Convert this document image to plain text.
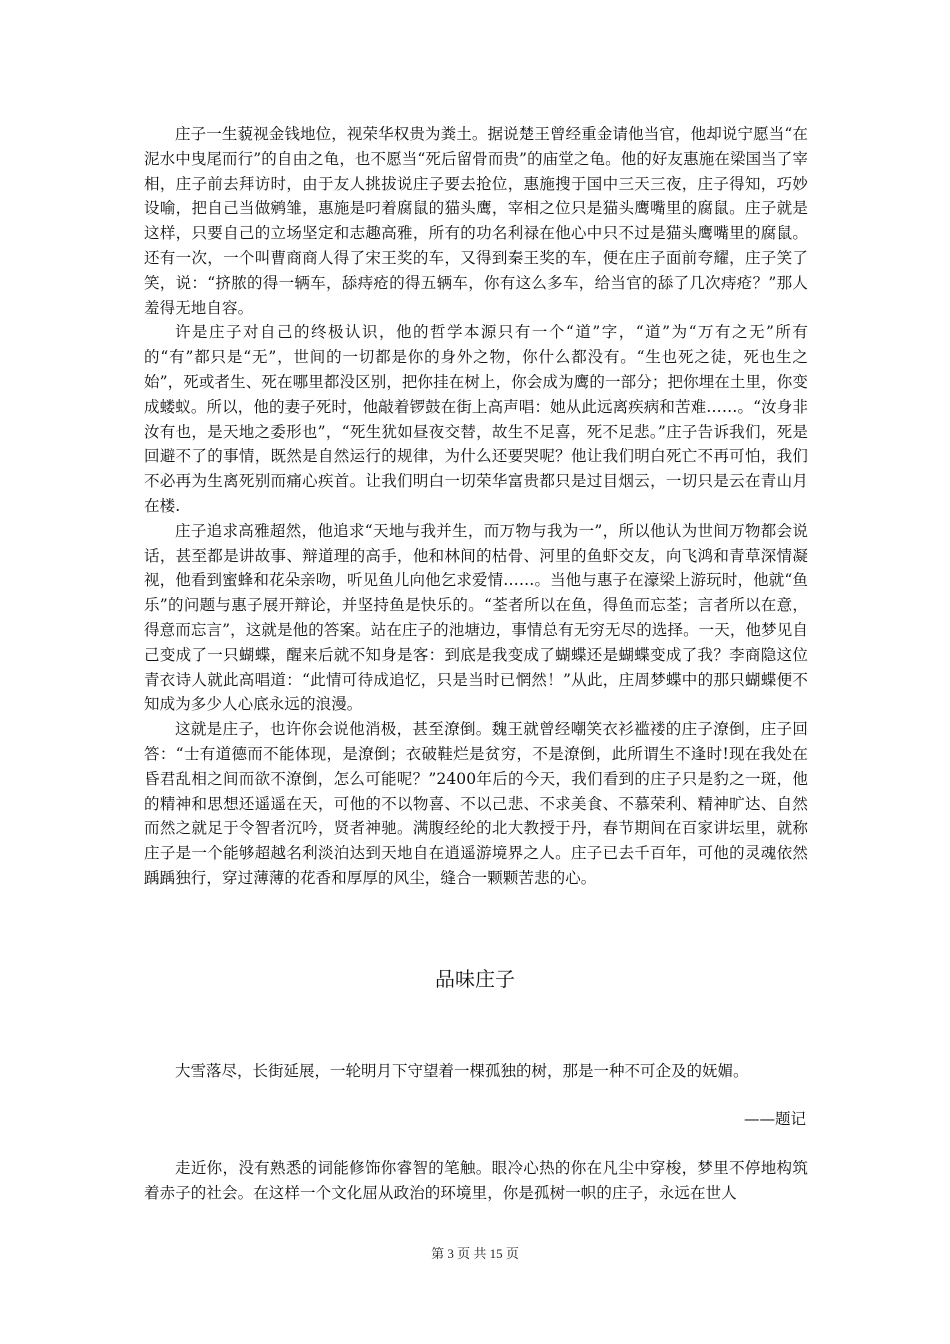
庄子一生藐视金钱地位，视荣华权贵为粪土。据说楚王曾经重金请他当官，他却说宁愿当“在泥水中曳尾而行”的自由之龟，也不愿当“死后留骨而贵”的庙堂之龟。他的好友惠施在梁国当了宰相，庄子前去拜访时，由于友人挑拔说庄子要去抢位，惠施搜于国中三天三夜，庄子得知，巧妙设喻，把自己当做鹓雏，惠施是叼着腐鼠的猫头鹰，宰相之位只是猫头鹰嘴里的腐鼠。庄子就是这样，只要自己的立场坚定和志趣高雅，所有的功名利禄在他心中只不过是猫头鹰嘴里的腐鼠。还有一次，一个叫曹商商人得了宋王奖的车，又得到秦王奖的车，便在庄子面前夸耀，庄子笑了笑，说：“挤脓的得一辆车，舔痔疮的得五辆车，你有这么多车，给当官的舔了几次痔疮？”那人羞得无地自容。

许是庄子对自己的终极认识，他的哲学本源只有一个“道”字，“道”为“万有之无”所有的“有”都只是“无”，世间的一切都是你的身外之物，你什么都没有。“生也死之徒，死也生之始”，死或者生、死在哪里都没区别，把你挂在树上，你会成为鹰的一部分；把你埋在土里，你变成蝼蚁。所以，他的妻子死时，他敲着锣鼓在街上高声唱：她从此远离疾病和苦难……。“汝身非汝有也，是天地之委形也”，“死生犹如昼夜交替，故生不足喜，死不足悲。”庄子告诉我们，死是回避不了的事情，既然是自然运行的规律，为什么还要哭呢？他让我们明白死亡不再可怕，我们不必再为生离死别而痛心疾首。让我们明白一切荣华富贵都只是过目烟云，一切只是云在青山月在楼.

庄子追求高雅超然，他追求“天地与我并生，而万物与我为一”，所以他认为世间万物都会说话，甚至都是讲故事、辩道理的高手，他和林间的枯骨、河里的鱼虾交友，向飞鸿和青草深情凝视，他看到蜜蜂和花朵亲吻，听见鱼儿向他乞求爱情……。当他与惠子在濠梁上游玩时，他就“鱼乐”的问题与惠子展开辩论，并坚持鱼是快乐的。“荃者所以在鱼，得鱼而忘荃；言者所以在意，得意而忘言”，这就是他的答案。站在庄子的池塘边，事情总有无穷无尽的选择。一天，他梦见自己变成了一只蝴蝶，醒来后就不知身是客：到底是我变成了蝴蝶还是蝴蝶变成了我？李商隐这位青衣诗人就此高唱道：“此情可待成追忆，只是当时已惘然！”从此，庄周梦蝶中的那只蝴蝶便不知成为多少人心底永远的浪漫。

这就是庄子，也许你会说他消极，甚至潦倒。魏王就曾经嘲笑衣衫褴褛的庄子潦倒，庄子回答：“士有道德而不能体现，是潦倒；衣破鞋烂是贫穷，不是潦倒，此所谓生不逢时!现在我处在昏君乱相之间而欲不潦倒，怎么可能呢？”2400年后的今天，我们看到的庄子只是豹之一斑，他的精神和思想还遥遥在天，可他的不以物喜、不以己悲、不求美食、不慕荣利、精神旷达、自然而然之就足于令智者沉吟，贤者神驰。满腹经纶的北大教授于丹，春节期间在百家讲坛里，就称庄子是一个能够超越名利淡泊达到天地自在逍遥游境界之人。庄子已去千百年，可他的灵魂依然踽踽独行，穿过薄薄的花香和厚厚的风尘，缝合一颗颗苦悲的心。

品味庄子

大雪落尽，长街延展，一轮明月下守望着一棵孤独的树，那是一种不可企及的妩媚。

——题记

走近你，没有熟悉的词能修饰你睿智的笔触。眼冷心热的你在凡尘中穿梭，梦里不停地构筑着赤子的社会。在这样一个文化屈从政治的环境里，你是孤树一帜的庄子，永远在世人

第 3 页 共 15 页
